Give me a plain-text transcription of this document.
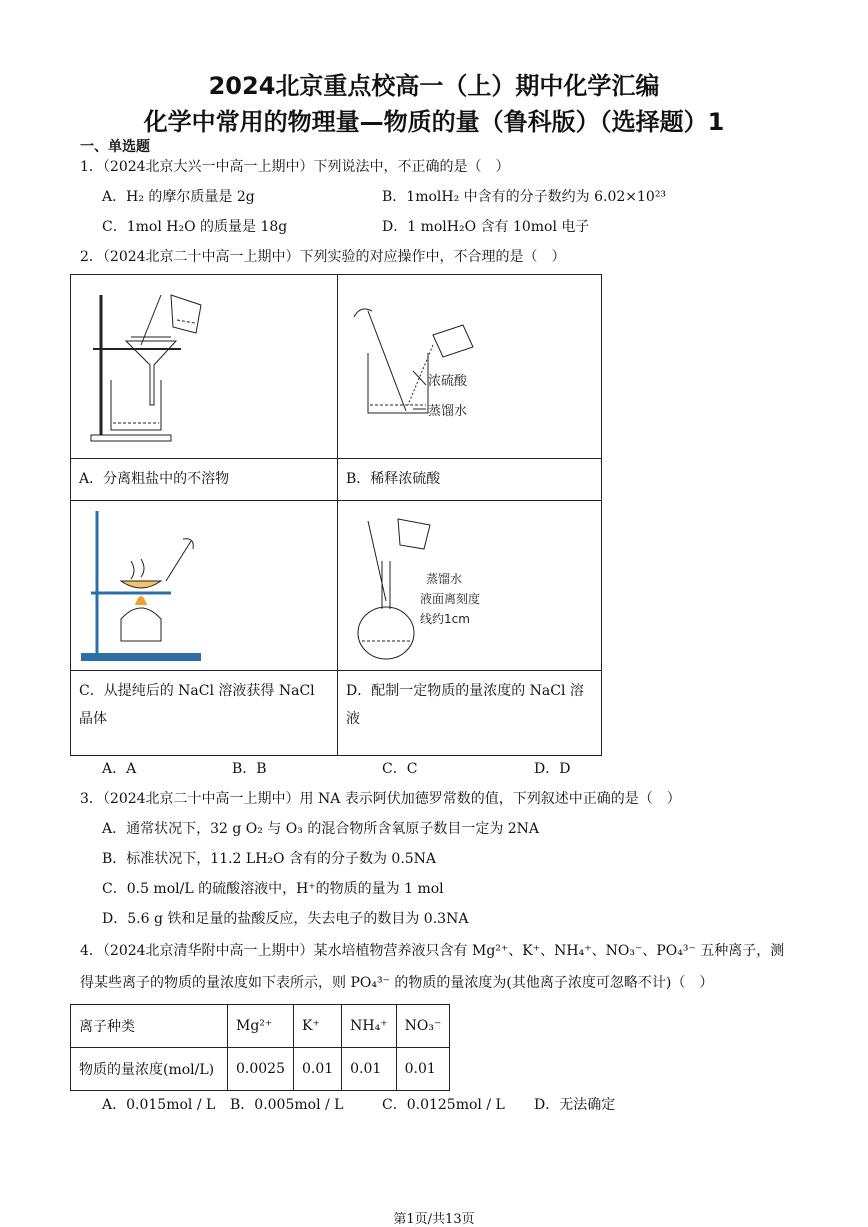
2024北京重点校高一（上）期中化学汇编
化学中常用的物理量—物质的量（鲁科版）（选择题）1
一、单选题
1．（2024北京大兴一中高一上期中）下列说法中，不正确的是（　）
A．H₂ 的摩尔质量是 2g	B．1molH₂ 中含有的分子数约为 6.02×10²³
C．1mol H₂O 的质量是 18g	D．1 molH₂O 含有 10mol 电子
2．（2024北京二十中高一上期中）下列实验的对应操作中，不合理的是（　）
浓硫酸
蒸馏水
A．分离粗盐中的不溶物	B．稀释浓硫酸
蒸馏水
液面离刻度
线约1cm
C．从提纯后的 NaCl 溶液获得 NaCl 晶体
D．配制一定物质的量浓度的 NaCl 溶液
A．A	B．B	C．C	D．D
3．（2024北京二十中高一上期中）用 NA 表示阿伏加德罗常数的值，下列叙述中正确的是（　）
A．通常状况下，32 g O₂ 与 O₃ 的混合物所含氧原子数目一定为 2NA
B．标准状况下，11.2 LH₂O 含有的分子数为 0.5NA
C．0.5 mol/L 的硫酸溶液中，H⁺的物质的量为 1 mol
D．5.6 g 铁和足量的盐酸反应，失去电子的数目为 0.3NA
4．（2024北京清华附中高一上期中）某水培植物营养液只含有 Mg²⁺、K⁺、NH₄⁺、NO₃⁻、PO₄³⁻ 五种离子，测
得某些离子的物质的量浓度如下表所示，则 PO₄³⁻ 的物质的量浓度为(其他离子浓度可忽略不计)（　）
离子种类	Mg²⁺	K⁺	NH₄⁺	NO₃⁻
物质的量浓度(mol/L)	0.0025	0.01	0.01	0.01
A．0.015mol / L B．0.005mol / L	C．0.0125mol / L D．无法确定
第1页/共13页
